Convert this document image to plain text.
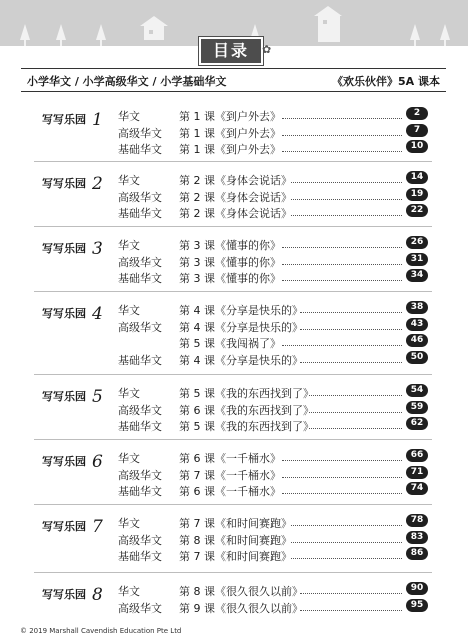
目录	✿
小学华文 / 小学高级华文 / 小学基础华文	《欢乐伙伴》5A 课本
写写乐园 1 华文	第 1 课《到户外去》	2
高级华文 第 1 课《到户外去》	7
基础华文 第 1 课《到户外去》	10
写写乐园 2 华文	第 2 课《身体会说话》	14
高级华文 第 2 课《身体会说话》	19
基础华文 第 2 课《身体会说话》	22
写写乐园 3 华文	第 3 课《懂事的你》	26
高级华文 第 3 课《懂事的你》	31
基础华文 第 3 课《懂事的你》	34
写写乐园 4 华文	第 4 课《分享是快乐的》	38
高级华文 第 4 课《分享是快乐的》	43
第 5 课《我闯祸了》	46
基础华文 第 4 课《分享是快乐的》	50
写写乐园 5 华文	第 5 课《我的东西找到了》	54
高级华文 第 6 课《我的东西找到了》	59
基础华文 第 5 课《我的东西找到了》	62
写写乐园 6 华文	第 6 课《一千桶水》	66
高级华文 第 7 课《一千桶水》	71
基础华文 第 6 课《一千桶水》	74
写写乐园 7 华文	第 7 课《和时间赛跑》	78
高级华文 第 8 课《和时间赛跑》	83
基础华文 第 7 课《和时间赛跑》	86
写写乐园 8 华文	第 8 课《很久很久以前》	90
高级华文 第 9 课《很久很久以前》	95
© 2019 Marshall Cavendish Education Pte Ltd
